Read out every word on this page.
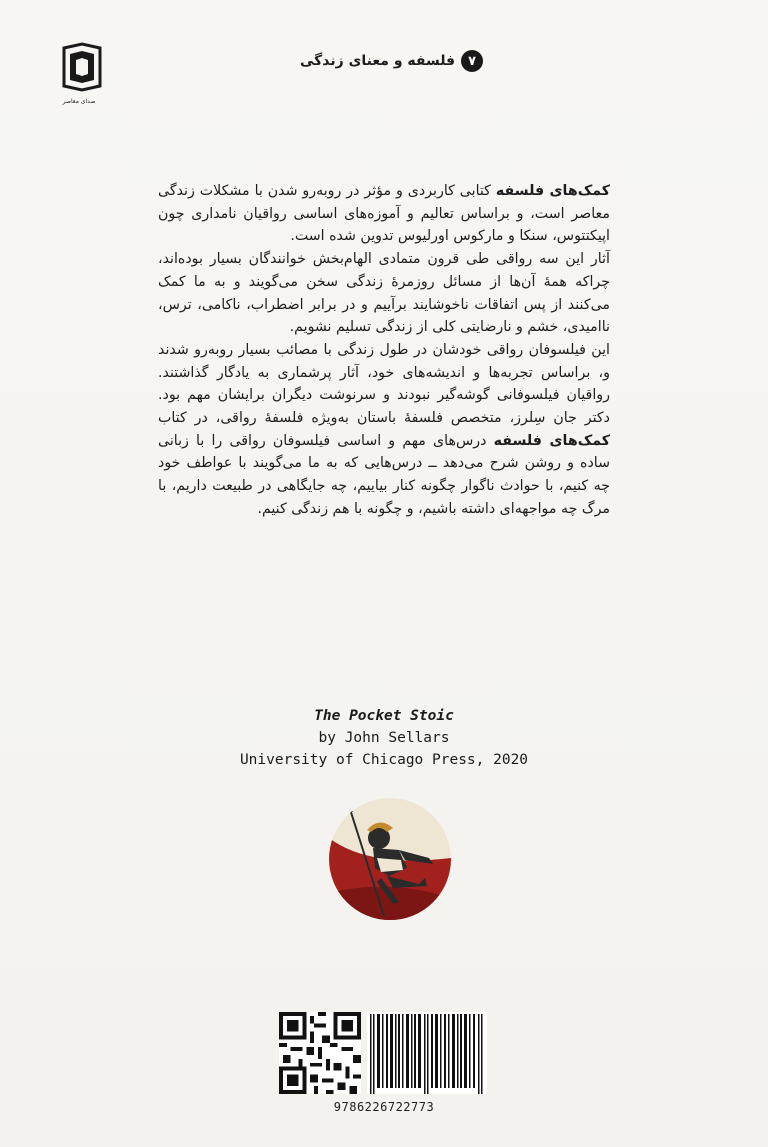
صدای معاصر
۷
فلسفه و معنای زندگی

کمک‌های فلسفه کتابی کاربردی و مؤثر در روبه‌رو شدن با مشکلات زندگی معاصر است، و براساس تعالیم و آموزه‌های اساسی رواقیان نامداری چون اپیکتتوس، سنکا و مارکوس اورلیوس تدوین شده است.

آثار این سه رواقی طی قرون متمادی الهام‌بخش خوانندگان بسیار بوده‌اند، چراکه همهٔ آن‌ها از مسائل روزمرهٔ زندگی سخن می‌گویند و به ما کمک می‌کنند از پس اتفاقات ناخوشایند برآییم و در برابر اضطراب، ناکامی، ترس، ناامیدی، خشم و نارضایتی کلی از زندگی تسلیم نشویم.

این فیلسوفان رواقی خودشان در طول زندگی با مصائب بسیار روبه‌رو شدند و، براساس تجربه‌ها و اندیشه‌های خود، آثار پرشماری به یادگار گذاشتند. رواقیان فیلسوفانی گوشه‌گیر نبودند و سرنوشت دیگران برایشان مهم بود. دکتر جان سِلرز، متخصص فلسفهٔ باستان به‌ویژه فلسفهٔ رواقی، در کتاب کمک‌های فلسفه درس‌های مهم و اساسی فیلسوفان رواقی را با زبانی ساده و روشن شرح می‌دهد ــ درس‌هایی که به ما می‌گویند با عواطف خود چه کنیم، با حوادث ناگوار چگونه کنار بیاییم، چه جایگاهی در طبیعت داریم، با مرگ چه مواجهه‌ای داشته باشیم، و چگونه با هم زندگی کنیم.

The Pocket Stoic
by John Sellars
University of Chicago Press, 2020
9786226722773
